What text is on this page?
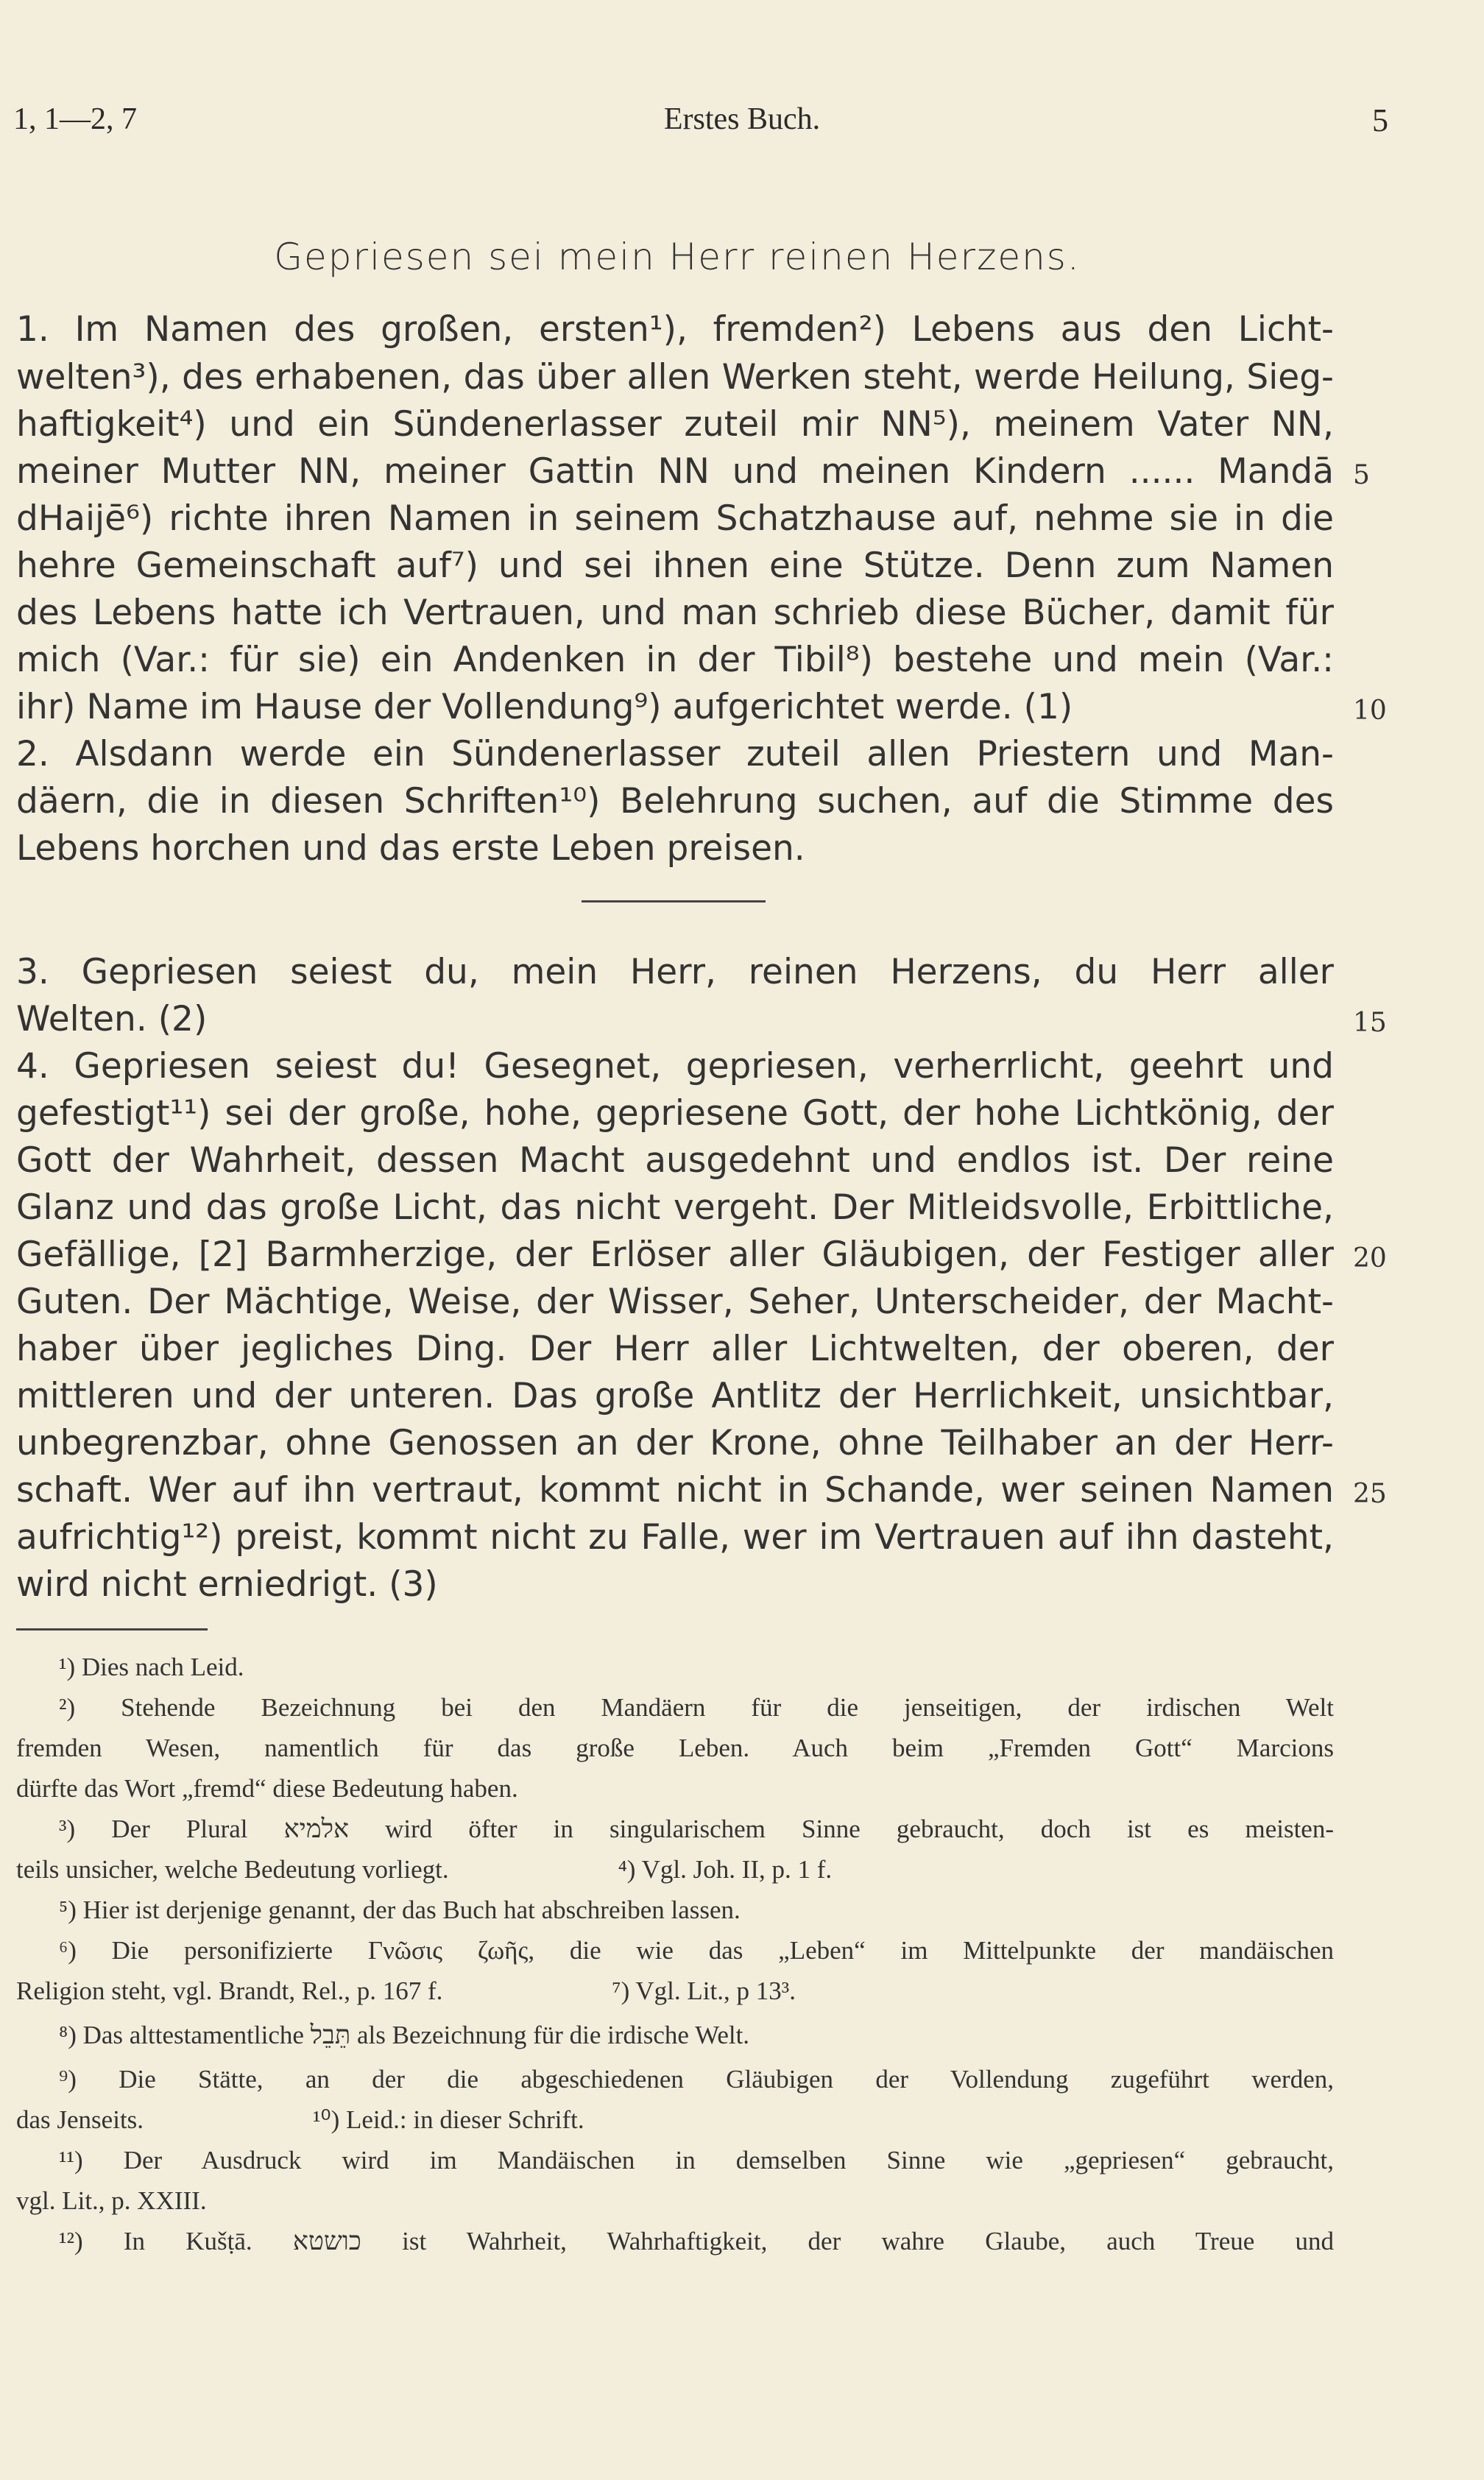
1, 1—2, 7	Erstes Buch.	5
Gepriesen sei mein Herr reinen Herzens.
1. Im Namen des großen, ersten¹), fremden²) Lebens aus den Licht-
welten³), des erhabenen, das über allen Werken steht, werde Heilung, Sieg-
haftigkeit⁴) und ein Sündenerlasser zuteil mir NN⁵), meinem Vater NN,
meiner Mutter NN, meiner Gattin NN und meinen Kindern ...... Mandā
dHaijē⁶) richte ihren Namen in seinem Schatzhause auf, nehme sie in die
hehre Gemeinschaft auf⁷) und sei ihnen eine Stütze. Denn zum Namen
des Lebens hatte ich Vertrauen, und man schrieb diese Bücher, damit für
mich (Var.: für sie) ein Andenken in der Tibil⁸) bestehe und mein (Var.:
ihr) Name im Hause der Vollendung⁹) aufgerichtet werde. (1)
2. Alsdann werde ein Sündenerlasser zuteil allen Priestern und Man-
däern, die in diesen Schriften¹⁰) Belehrung suchen, auf die Stimme des
Lebens horchen und das erste Leben preisen.
3. Gepriesen seiest du, mein Herr, reinen Herzens, du Herr aller
Welten. (2)
4. Gepriesen seiest du! Gesegnet, gepriesen, verherrlicht, geehrt und
gefestigt¹¹) sei der große, hohe, gepriesene Gott, der hohe Lichtkönig, der
Gott der Wahrheit, dessen Macht ausgedehnt und endlos ist. Der reine
Glanz und das große Licht, das nicht vergeht. Der Mitleidsvolle, Erbittliche,
Gefällige, [2] Barmherzige, der Erlöser aller Gläubigen, der Festiger aller
Guten. Der Mächtige, Weise, der Wisser, Seher, Unterscheider, der Macht-
haber über jegliches Ding. Der Herr aller Lichtwelten, der oberen, der
mittleren und der unteren. Das große Antlitz der Herrlichkeit, unsichtbar,
unbegrenzbar, ohne Genossen an der Krone, ohne Teilhaber an der Herr-
schaft. Wer auf ihn vertraut, kommt nicht in Schande, wer seinen Namen
aufrichtig¹²) preist, kommt nicht zu Falle, wer im Vertrauen auf ihn dasteht,
wird nicht erniedrigt. (3)
5
10
15
20
25
¹) Dies nach Leid.
²) Stehende Bezeichnung bei den Mandäern für die jenseitigen, der irdischen Welt
fremden Wesen, namentlich für das große Leben. Auch beim „Fremden Gott“ Marcions
dürfte das Wort „fremd“ diese Bedeutung haben.
³) Der Plural אלמיא wird öfter in singularischem Sinne gebraucht, doch ist es meisten-
teils unsicher, welche Bedeutung vorliegt.	⁴) Vgl. Joh. II, p. 1 f.
⁵) Hier ist derjenige genannt, der das Buch hat abschreiben lassen.
⁶) Die personifizierte Γνῶσις ζωῆς, die wie das „Leben“ im Mittelpunkte der mandäischen
Religion steht, vgl. Brandt, Rel., p. 167 f.	⁷) Vgl. Lit., p 13³.
⁸) Das alttestamentliche תֵּבֵל als Bezeichnung für die irdische Welt.
⁹) Die Stätte, an der die abgeschiedenen Gläubigen der Vollendung zugeführt werden,
das Jenseits.	¹⁰) Leid.: in dieser Schrift.
¹¹) Der Ausdruck wird im Mandäischen in demselben Sinne wie „gepriesen“ gebraucht,
vgl. Lit., p. XXIII.
¹²) In Kušṭā. כושטא ist Wahrheit, Wahrhaftigkeit, der wahre Glaube, auch Treue und
